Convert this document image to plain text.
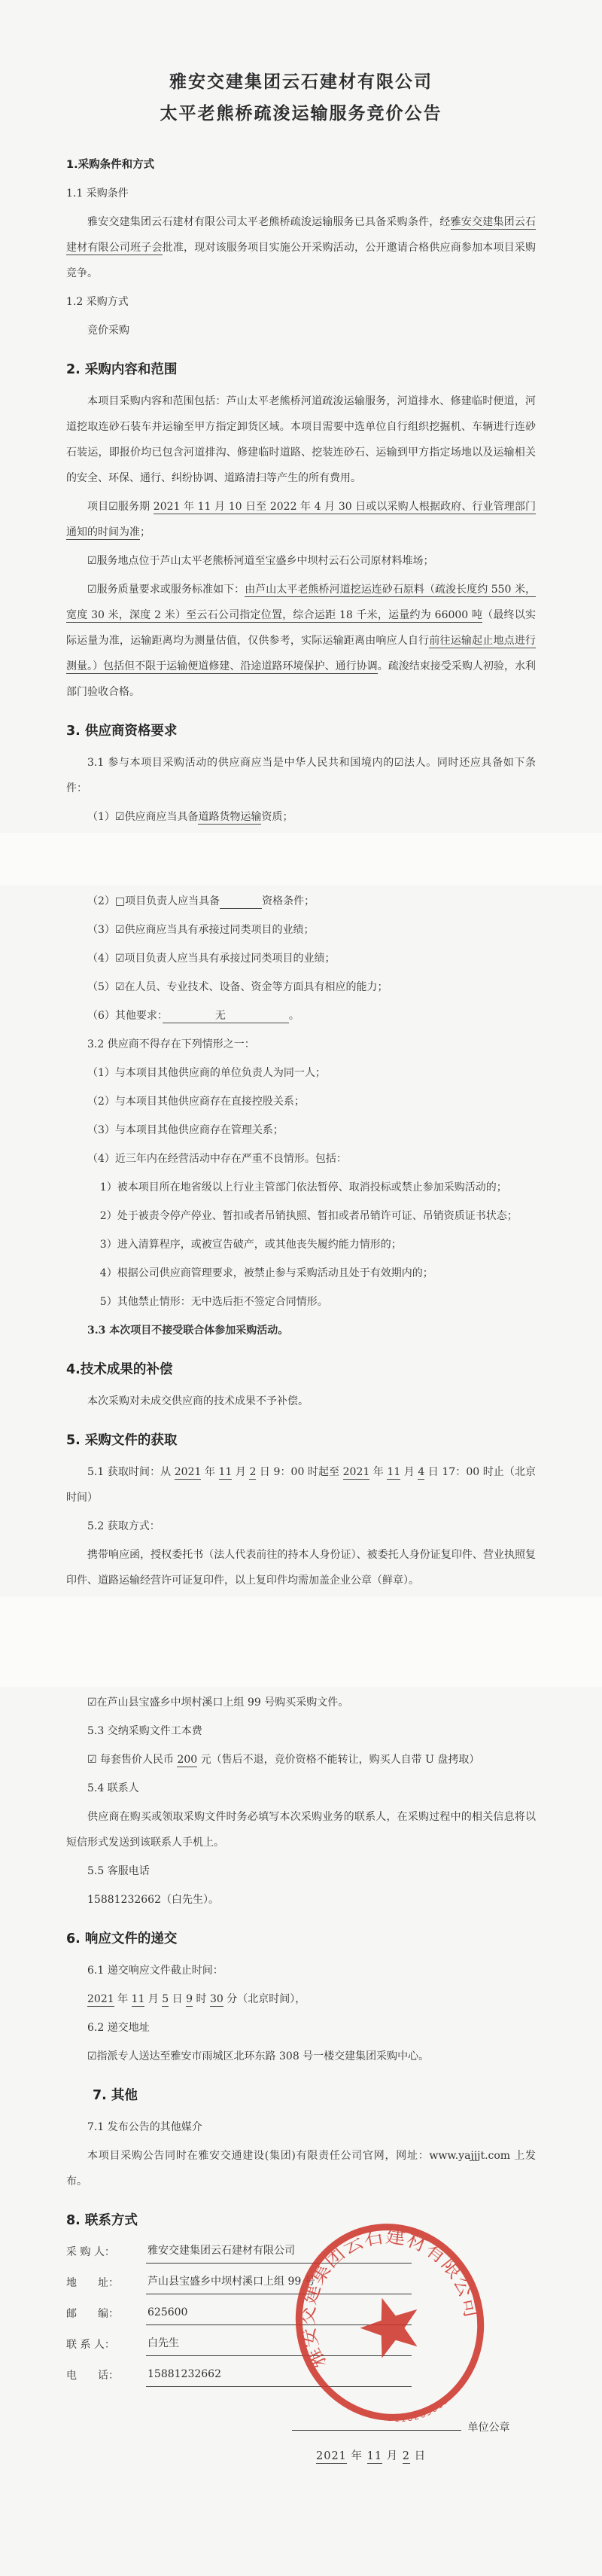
雅安交建集团云石建材有限公司
太平老熊桥疏浚运输服务竞价公告
1.采购条件和方式
1.1 采购条件
雅安交建集团云石建材有限公司太平老熊桥疏浚运输服务已具备采购条件，经雅安交建集团云石建材有限公司班子会批准，现对该服务项目实施公开采购活动，公开邀请合格供应商参加本项目采购竞争。
1.2 采购方式
竞价采购
2. 采购内容和范围
本项目采购内容和范围包括：芦山太平老熊桥河道疏浚运输服务，河道排水、修建临时便道，河道挖取连砂石装车并运输至甲方指定卸货区域。本项目需要中选单位自行组织挖掘机、车辆进行连砂石装运，即报价均已包含河道排沟、修建临时道路、挖装连砂石、运输到甲方指定场地以及运输相关的安全、环保、通行、纠纷协调、道路清扫等产生的所有费用。
项目☑服务期 2021 年 11 月 10 日至 2022 年 4 月 30 日或以采购人根据政府、行业管理部门通知的时间为准；
☑服务地点位于芦山太平老熊桥河道至宝盛乡中坝村云石公司原材料堆场；
☑服务质量要求或服务标准如下：由芦山太平老熊桥河道挖运连砂石原料（疏浚长度约 550 米，宽度 30 米，深度 2 米）至云石公司指定位置，综合运距 18 千米，运量约为 66000 吨（最终以实际运量为准，运输距离均为测量估值，仅供参考，实际运输距离由响应人自行前往运输起止地点进行测量。）包括但不限于运输便道修建、沿途道路环境保护、通行协调。疏浚结束接受采购人初验，水利部门验收合格。
3. 供应商资格要求
3.1 参与本项目采购活动的供应商应当是中华人民共和国境内的☑法人。同时还应具备如下条件：
（1）☑供应商应当具备道路货物运输资质；
（2）□项目负责人应当具备　　　　	资格条件；
（3）☑供应商应当具有承接过同类项目的业绩；
（4）☑项目负责人应当具有承接过同类项目的业绩；
（5）☑在人员、专业技术、设备、资金等方面具有相应的能力；
（6）其他要求：　　　　　无　　　　　　。
3.2 供应商不得存在下列情形之一：
（1）与本项目其他供应商的单位负责人为同一人；
（2）与本项目其他供应商存在直接控股关系；
（3）与本项目其他供应商存在管理关系；
（4）近三年内在经营活动中存在严重不良情形。包括：
1）被本项目所在地省级以上行业主管部门依法暂停、取消投标或禁止参加采购活动的；
2）处于被责令停产停业、暂扣或者吊销执照、暂扣或者吊销许可证、吊销资质证书状态；
3）进入清算程序，或被宣告破产，或其他丧失履约能力情形的；
4）根据公司供应商管理要求，被禁止参与采购活动且处于有效期内的；
5）其他禁止情形：无中选后拒不签定合同情形。
3.3 本次项目不接受联合体参加采购活动。
4.技术成果的补偿
本次采购对未成交供应商的技术成果不予补偿。
5. 采购文件的获取
5.1 获取时间：从 2021 年 11 月 2 日 9：00 时起至 2021 年 11 月 4 日 17：00 时止（北京时间）
5.2 获取方式：
携带响应函，授权委托书（法人代表前往的持本人身份证）、被委托人身份证复印件、营业执照复印件、道路运输经营许可证复印件，以上复印件均需加盖企业公章（鲜章）。
☑在芦山县宝盛乡中坝村溪口上组 99 号购买采购文件。
5.3 交纳采购文件工本费
☑ 每套售价人民币 200 元（售后不退，竞价资格不能转让，购买人自带 U 盘拷取）
5.4 联系人
供应商在购买或领取采购文件时务必填写本次采购业务的联系人，在采购过程中的相关信息将以短信形式发送到该联系人手机上。
5.5 客服电话
15881232662（白先生）。
6. 响应文件的递交
6.1 递交响应文件截止时间：
2021 年 11 月 5 日 9 时 30 分（北京时间），
6.2 递交地址
☑指派专人送达至雅安市雨城区北环东路 308 号一楼交建集团采购中心。
7. 其他
7.1 发布公告的其他媒介
本项目采购公告同时在雅安交通建设(集团)有限责任公司官网，网址：www.yajjjt.com 上发布。
8. 联系方式
采 购 人：	雅安交建集团云石建材有限公司
地　　址：	芦山县宝盛乡中坝村溪口上组 99 号
邮　　编：	625600
联 系 人：	白先生
电　　话：	15881232662
单位公章
2021 年 11 月 2 日
雅安交建集团云石建材有限公司
5118265019
